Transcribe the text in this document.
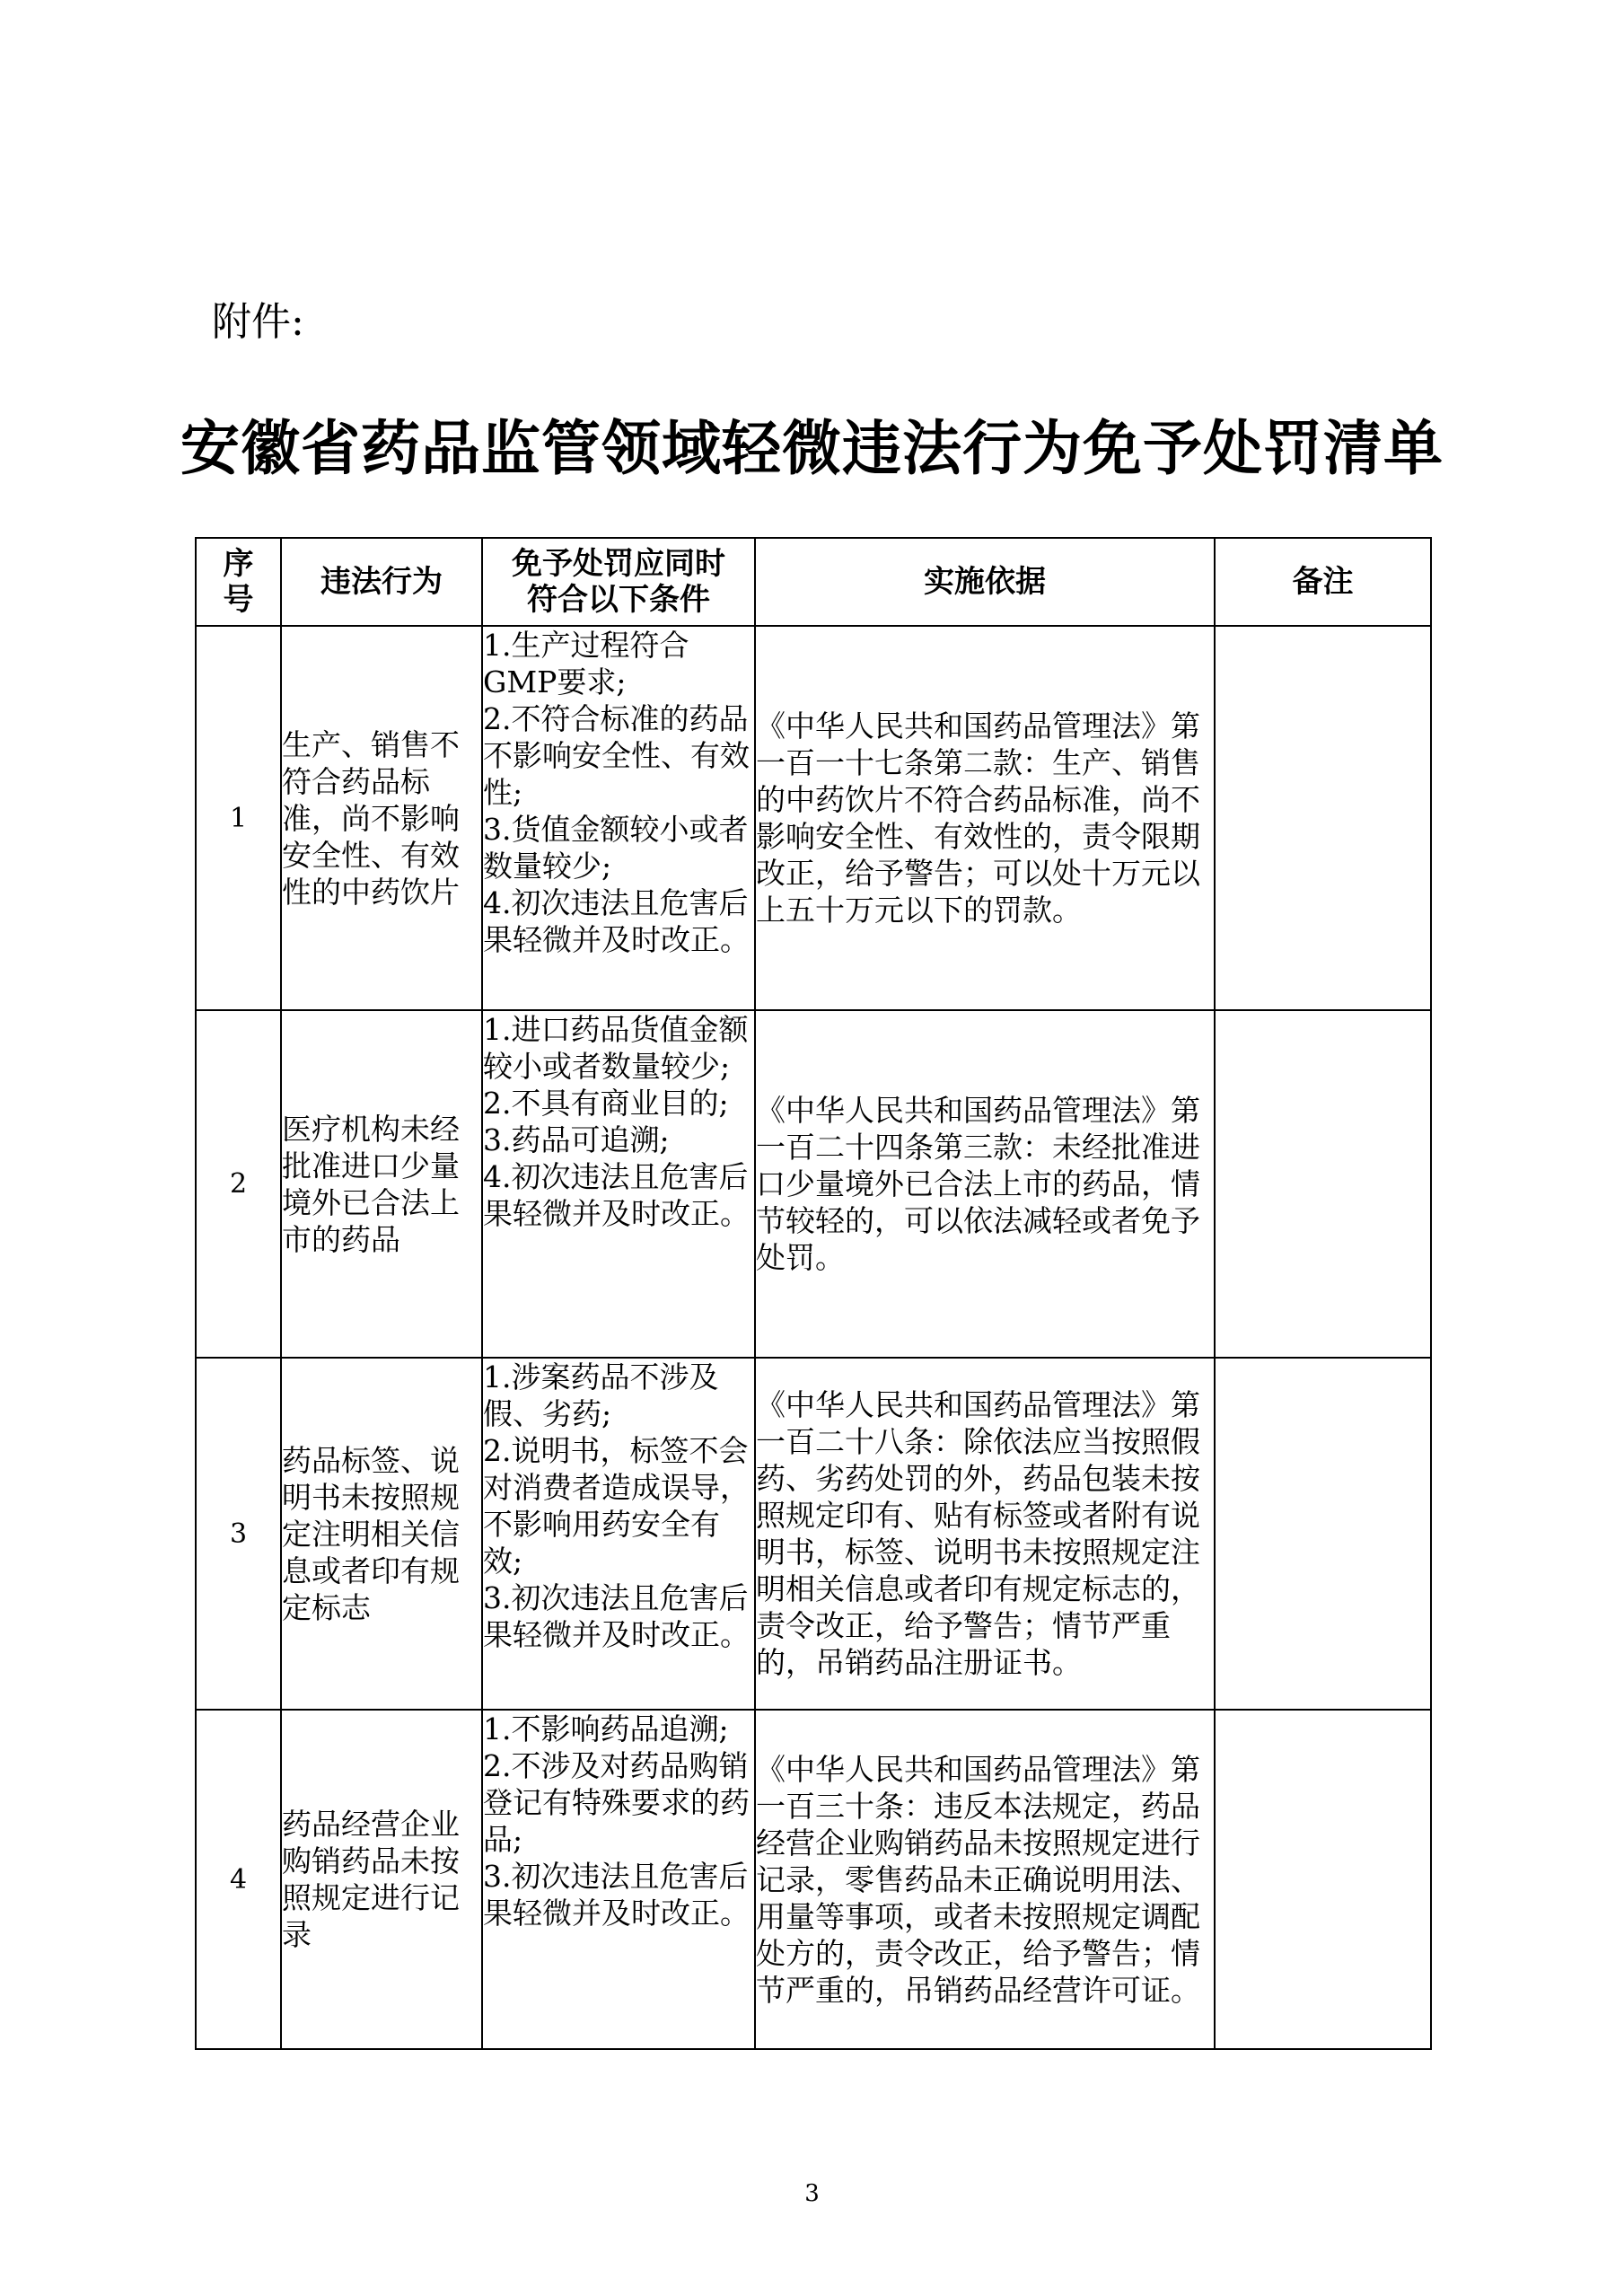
附件:
安徽省药品监管领域轻微违法行为免予处罚清单
序号	违法行为	免予处罚应同时符合以下条件	实施依据	备注
1	生产、销售不符合药品标准，尚不影响安全性、有效性的中药饮片	1.生产过程符合GMP要求;
2.不符合标准的药品不影响安全性、有效性;
3.货值金额较小或者数量较少;
4.初次违法且危害后果轻微并及时改正。	《中华人民共和国药品管理法》第一百一十七条第二款：生产、销售的中药饮片不符合药品标准，尚不影响安全性、有效性的，责令限期改正，给予警告；可以处十万元以上五十万元以下的罚款。	
2	医疗机构未经批准进口少量境外已合法上市的药品	1.进口药品货值金额较小或者数量较少;
2.不具有商业目的;
3.药品可追溯;
4.初次违法且危害后果轻微并及时改正。	《中华人民共和国药品管理法》第一百二十四条第三款：未经批准进口少量境外已合法上市的药品，情节较轻的，可以依法减轻或者免予处罚。	
3	药品标签、说明书未按照规定注明相关信息或者印有规定标志	1.涉案药品不涉及假、劣药;
2.说明书，标签不会对消费者造成误导，不影响用药安全有效;
3.初次违法且危害后果轻微并及时改正。	《中华人民共和国药品管理法》第一百二十八条：除依法应当按照假药、劣药处罚的外，药品包装未按照规定印有、贴有标签或者附有说明书，标签、说明书未按照规定注明相关信息或者印有规定标志的，责令改正，给予警告；情节严重的，吊销药品注册证书。	
4	药品经营企业购销药品未按照规定进行记录	1.不影响药品追溯;
2.不涉及对药品购销登记有特殊要求的药品;
3.初次违法且危害后果轻微并及时改正。	《中华人民共和国药品管理法》第一百三十条：违反本法规定，药品经营企业购销药品未按照规定进行记录，零售药品未正确说明用法、用量等事项，或者未按照规定调配处方的，责令改正，给予警告；情节严重的，吊销药品经营许可证。	
3
